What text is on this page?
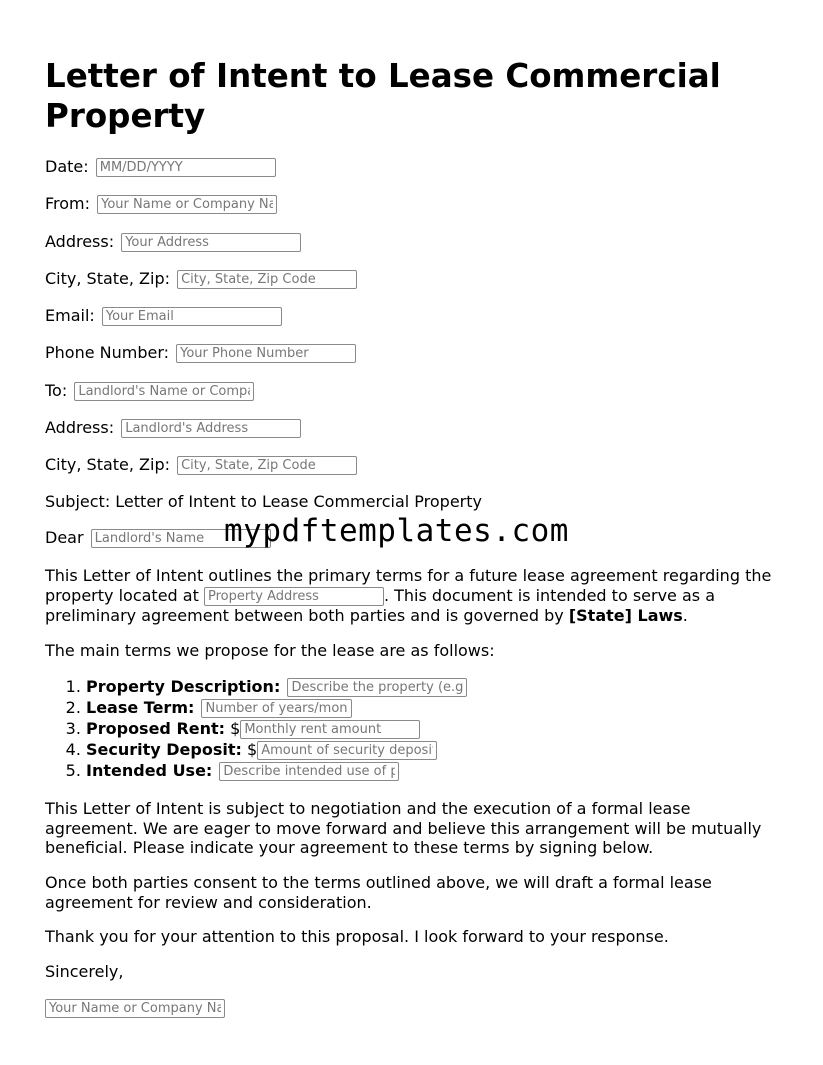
Letter of Intent to Lease Commercial Property
Date: MM/DD/YYYY
From: Your Name or Company Name
Address: Your Address
City, State, Zip: City, State, Zip Code
Email: Your Email
Phone Number: Your Phone Number
To: Landlord's Name or Company Name
Address: Landlord's Address
City, State, Zip: City, State, Zip Code
Subject: Letter of Intent to Lease Commercial Property
Dear Landlord's Name

This Letter of Intent outlines the primary terms for a future lease agreement regarding the property located at Property Address	. This document is intended to serve as a preliminary agreement between both parties and is governed by [State] Laws.

The main terms we propose for the lease are as follows:
1. Property Description: Describe the property (e.g., size, location)
2. Lease Term: Number of years/months
3. Proposed Rent: $Monthly rent amount
4. Security Deposit: $Amount of security deposit
5. Intended Use: Describe intended use of property

This Letter of Intent is subject to negotiation and the execution of a formal lease agreement. We are eager to move forward and believe this arrangement will be mutually beneficial. Please indicate your agreement to these terms by signing below.

Once both parties consent to the terms outlined above, we will draft a formal lease agreement for review and consideration.

Thank you for your attention to this proposal. I look forward to your response.
Sincerely,
Your Name or Company Name
mypdftemplates.com
